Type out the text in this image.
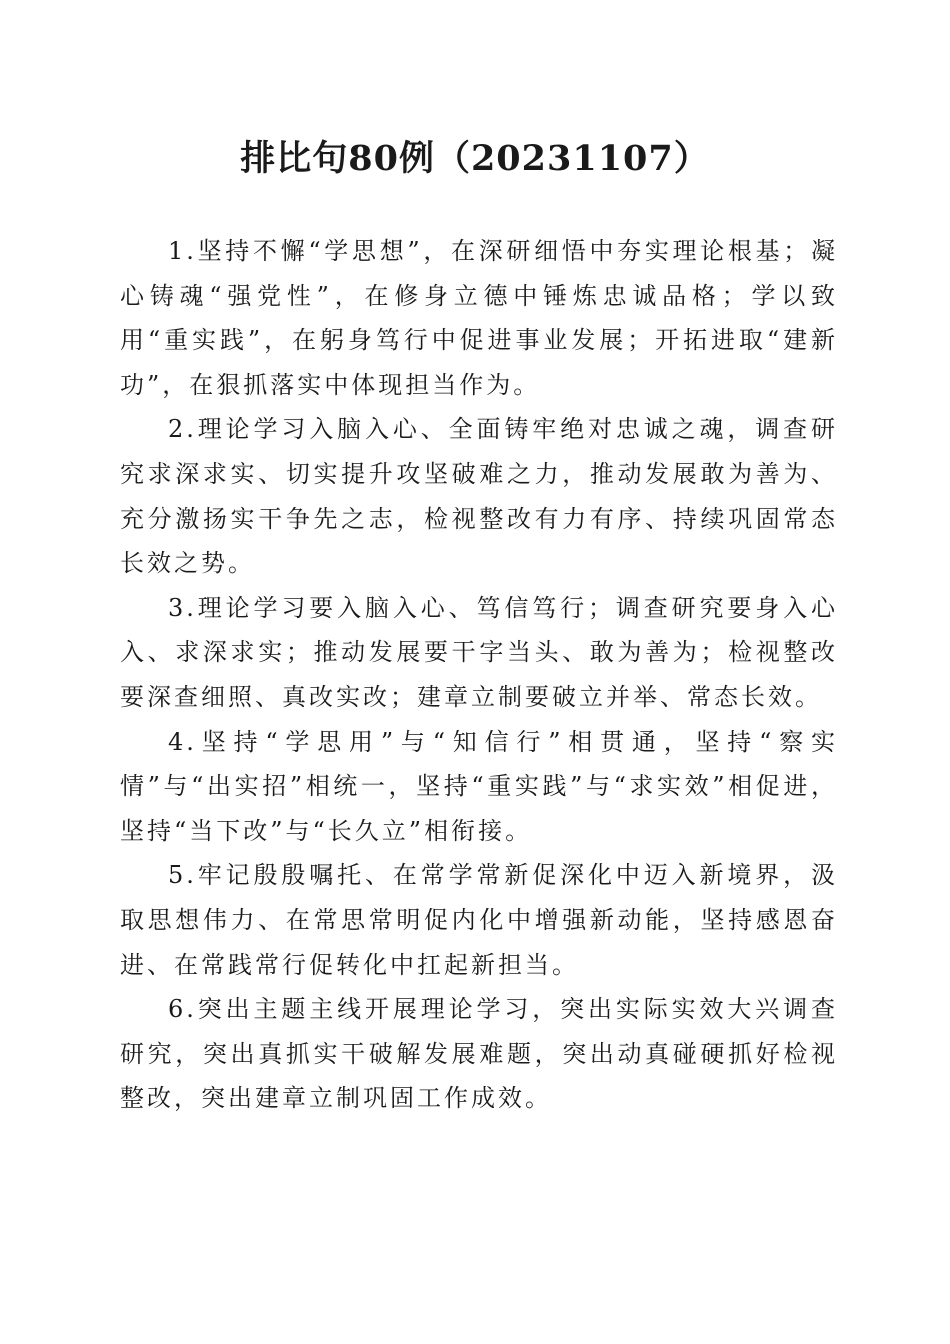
排比句80例（20231107）

1.坚持不懈“学思想”，在深研细悟中夯实理论根基；凝心铸魂“强党性”，在修身立德中锤炼忠诚品格；学以致用“重实践”，在躬身笃行中促进事业发展；开拓进取“建新功”，在狠抓落实中体现担当作为。

2.理论学习入脑入心、全面铸牢绝对忠诚之魂，调查研究求深求实、切实提升攻坚破难之力，推动发展敢为善为、充分激扬实干争先之志，检视整改有力有序、持续巩固常态长效之势。

3.理论学习要入脑入心、笃信笃行；调查研究要身入心入、求深求实；推动发展要干字当头、敢为善为；检视整改要深查细照、真改实改；建章立制要破立并举、常态长效。

4.坚持“学思用”与“知信行”相贯通，坚持“察实情”与“出实招”相统一，坚持“重实践”与“求实效”相促进，坚持“当下改”与“长久立”相衔接。

5.牢记殷殷嘱托、在常学常新促深化中迈入新境界，汲取思想伟力、在常思常明促内化中增强新动能，坚持感恩奋进、在常践常行促转化中扛起新担当。

6.突出主题主线开展理论学习，突出实际实效大兴调查研究，突出真抓实干破解发展难题，突出动真碰硬抓好检视整改，突出建章立制巩固工作成效。
